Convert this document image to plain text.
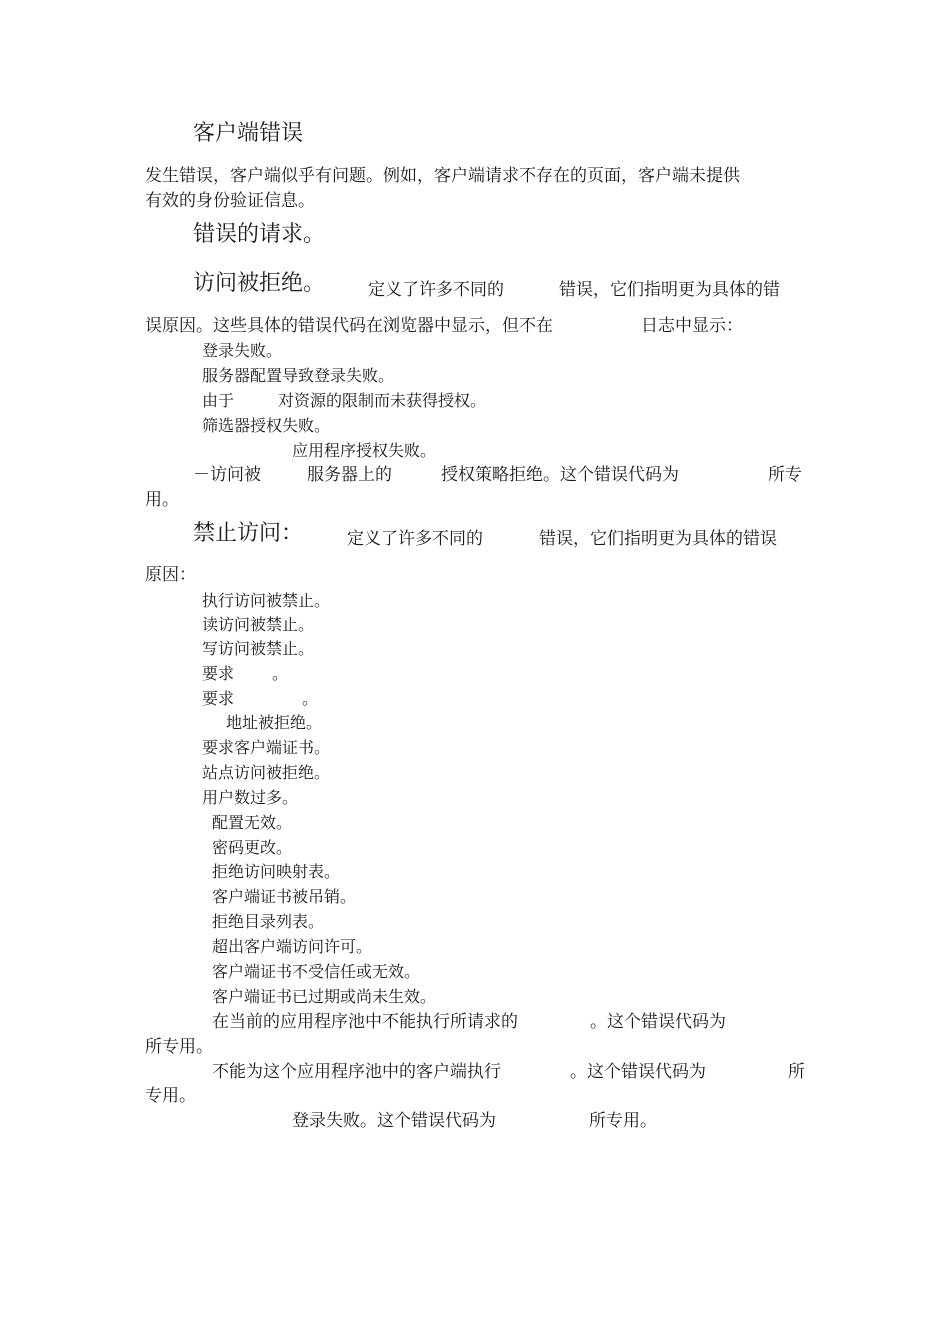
客户端错误
发生错误，客户端似乎有问题。例如，客户端请求不存在的页面，客户端未提供
有效的身份验证信息。
错误的请求。
访问被拒绝。	定义了许多不同的	错误，它们指明更为具体的错
误原因。这些具体的错误代码在浏览器中显示，但不在	日志中显示：
登录失败。
服务器配置导致登录失败。
由于	对资源的限制而未获得授权。
筛选器授权失败。
应用程序授权失败。
－访问被	服务器上的	授权策略拒绝。这个错误代码为	所专
用。
禁止访问：	定义了许多不同的	错误，它们指明更为具体的错误
原因：
执行访问被禁止。
读访问被禁止。
写访问被禁止。
要求 。
要求	。
地址被拒绝。
要求客户端证书。
站点访问被拒绝。
用户数过多。
配置无效。
密码更改。
拒绝访问映射表。
客户端证书被吊销。
拒绝目录列表。
超出客户端访问许可。
客户端证书不受信任或无效。
客户端证书已过期或尚未生效。
在当前的应用程序池中不能执行所请求的	。这个错误代码为
所专用。
不能为这个应用程序池中的客户端执行	。这个错误代码为	所
专用。
登录失败。这个错误代码为	所专用。
